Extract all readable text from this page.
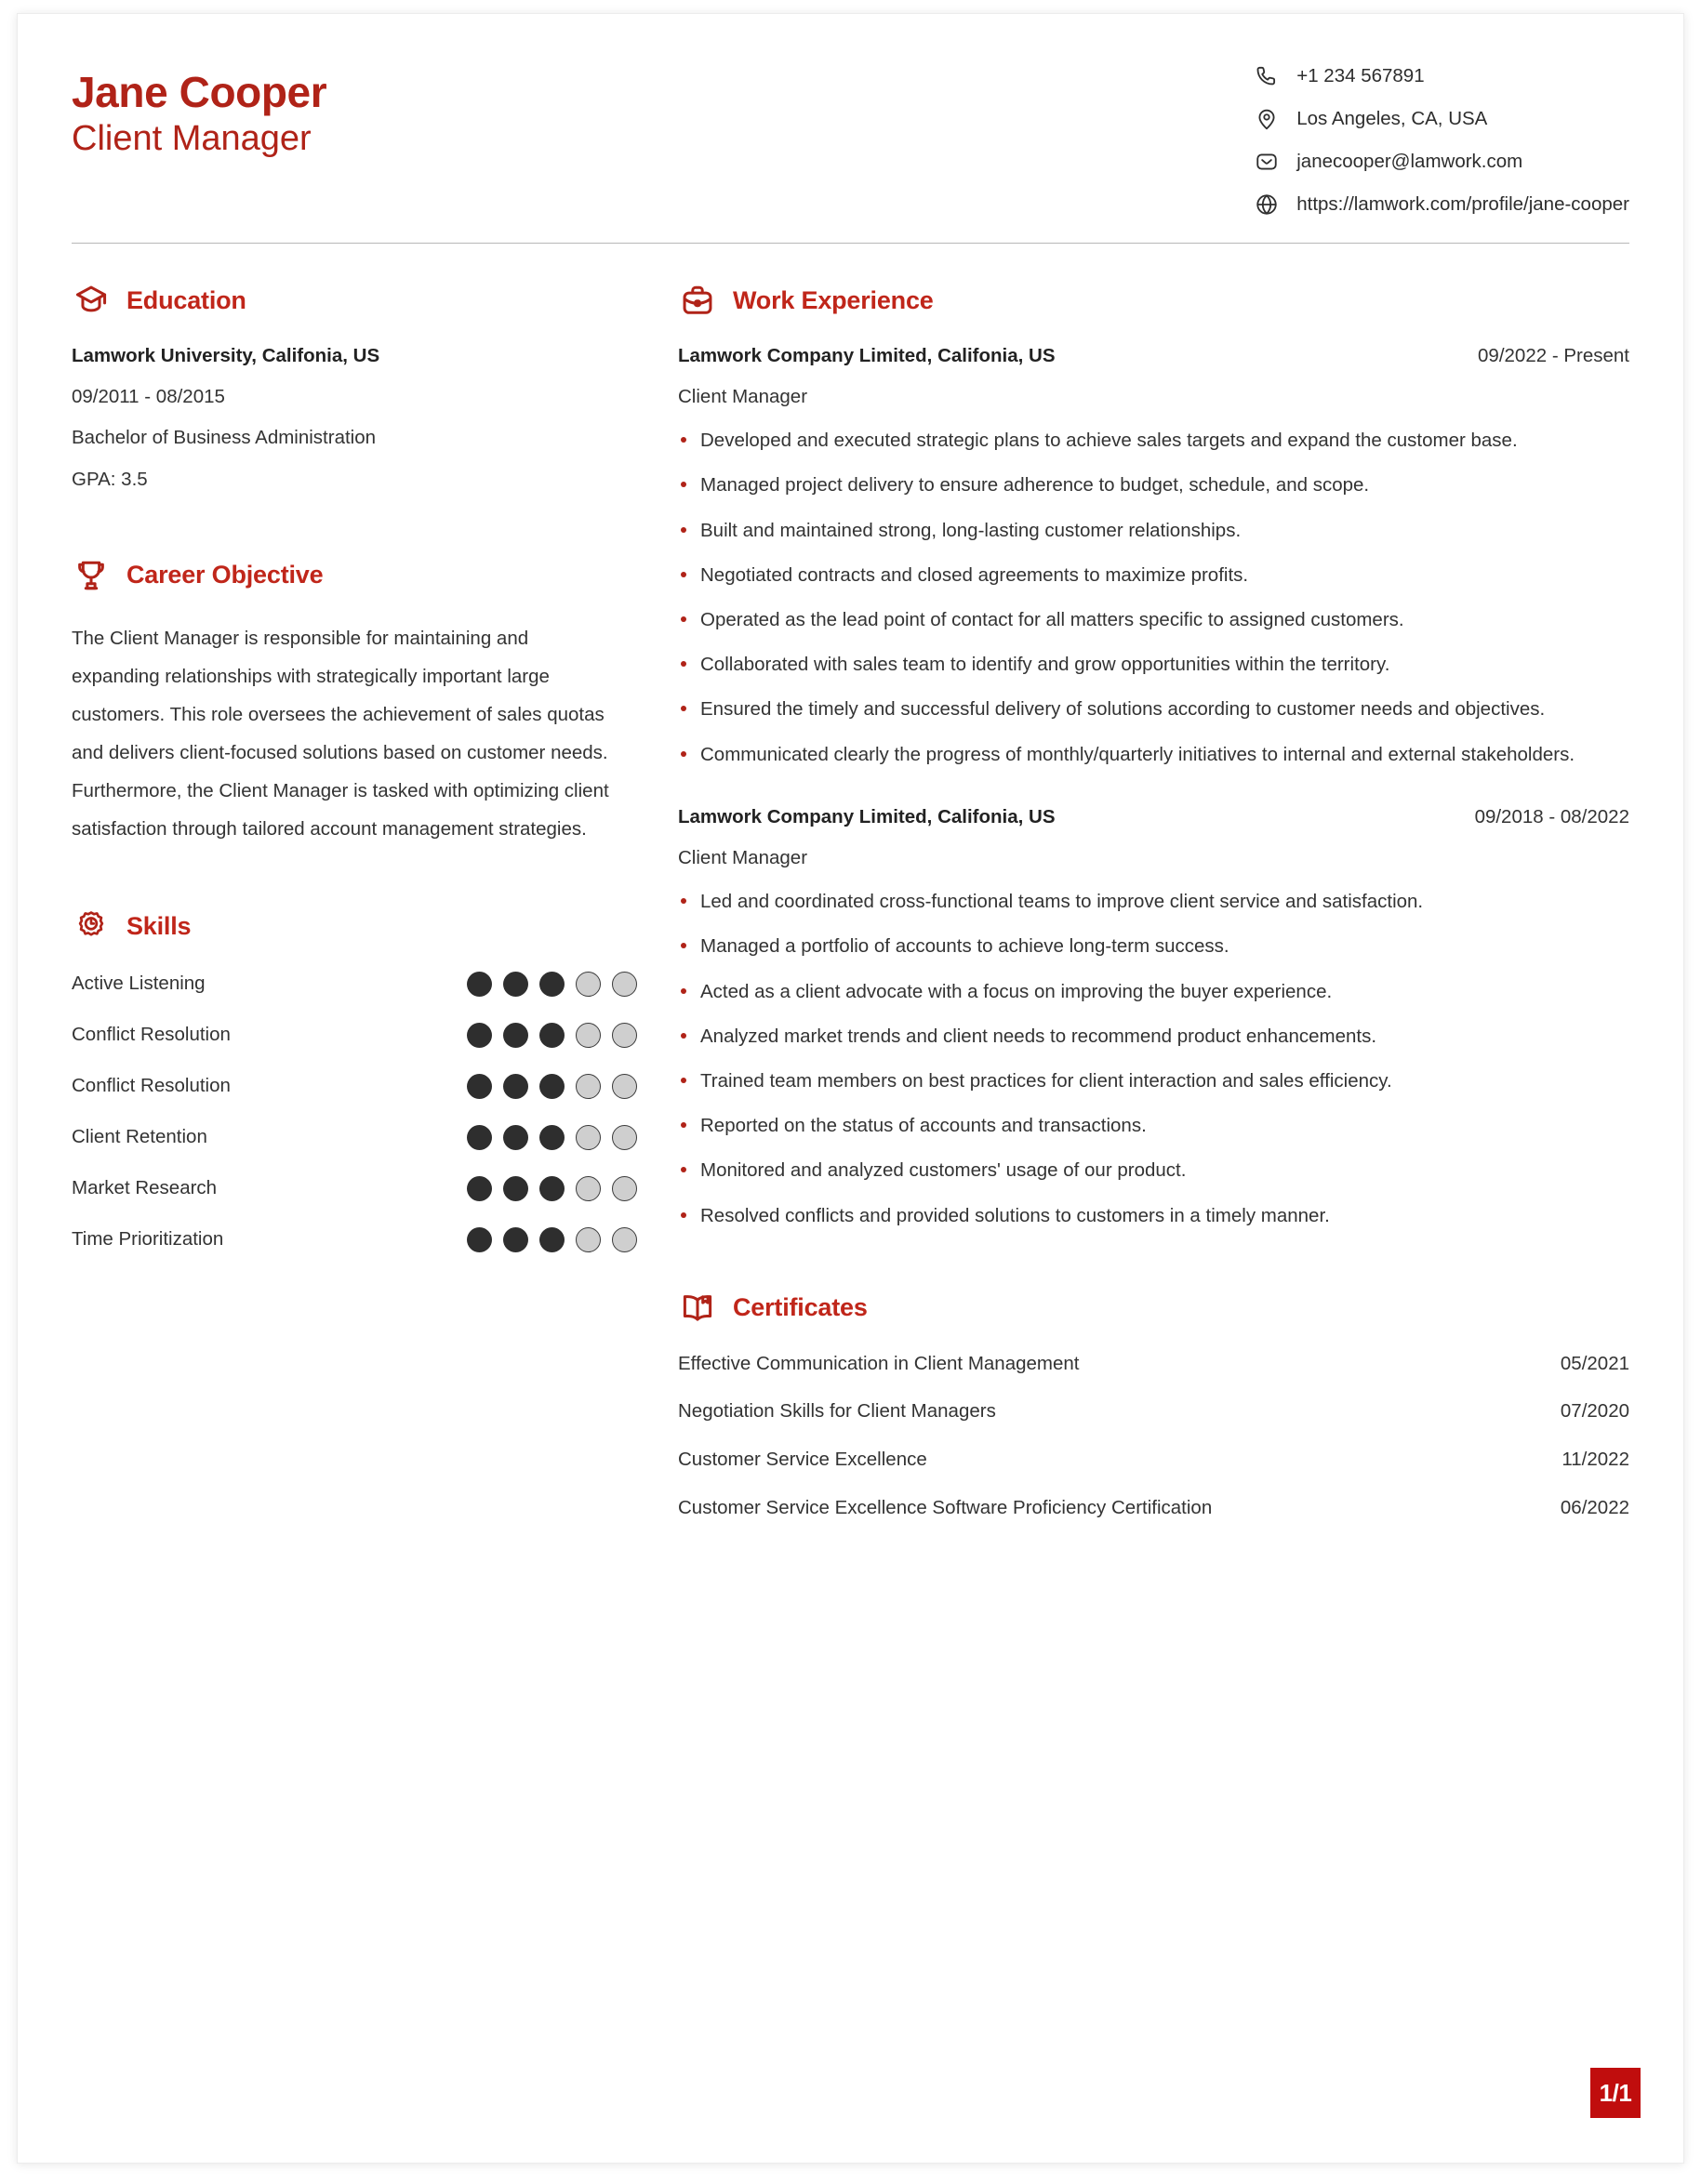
Jane Cooper
Client Manager
+1 234 567891
Los Angeles, CA, USA
janecooper@lamwork.com
https://lamwork.com/profile/jane-cooper
Education
Lamwork University, Califonia, US
09/2011 - 08/2015
Bachelor of Business Administration
GPA: 3.5
Career Objective
The Client Manager is responsible for maintaining and expanding relationships with strategically important large customers. This role oversees the achievement of sales quotas and delivers client-focused solutions based on customer needs. Furthermore, the Client Manager is tasked with optimizing client satisfaction through tailored account management strategies.
Skills
Active Listening
Conflict Resolution
Conflict Resolution
Client Retention
Market Research
Time Prioritization
Work Experience
Lamwork Company Limited, Califonia, US	09/2022 - Present
Client Manager
Developed and executed strategic plans to achieve sales targets and expand the customer base.
Managed project delivery to ensure adherence to budget, schedule, and scope.
Built and maintained strong, long-lasting customer relationships.
Negotiated contracts and closed agreements to maximize profits.
Operated as the lead point of contact for all matters specific to assigned customers.
Collaborated with sales team to identify and grow opportunities within the territory.
Ensured the timely and successful delivery of solutions according to customer needs and objectives.
Communicated clearly the progress of monthly/quarterly initiatives to internal and external stakeholders.
Lamwork Company Limited, Califonia, US	09/2018 - 08/2022
Client Manager
Led and coordinated cross-functional teams to improve client service and satisfaction.
Managed a portfolio of accounts to achieve long-term success.
Acted as a client advocate with a focus on improving the buyer experience.
Analyzed market trends and client needs to recommend product enhancements.
Trained team members on best practices for client interaction and sales efficiency.
Reported on the status of accounts and transactions.
Monitored and analyzed customers' usage of our product.
Resolved conflicts and provided solutions to customers in a timely manner.
Certificates
Effective Communication in Client Management	05/2021
Negotiation Skills for Client Managers	07/2020
Customer Service Excellence	11/2022
Customer Service Excellence Software Proficiency Certification	06/2022
1/1
